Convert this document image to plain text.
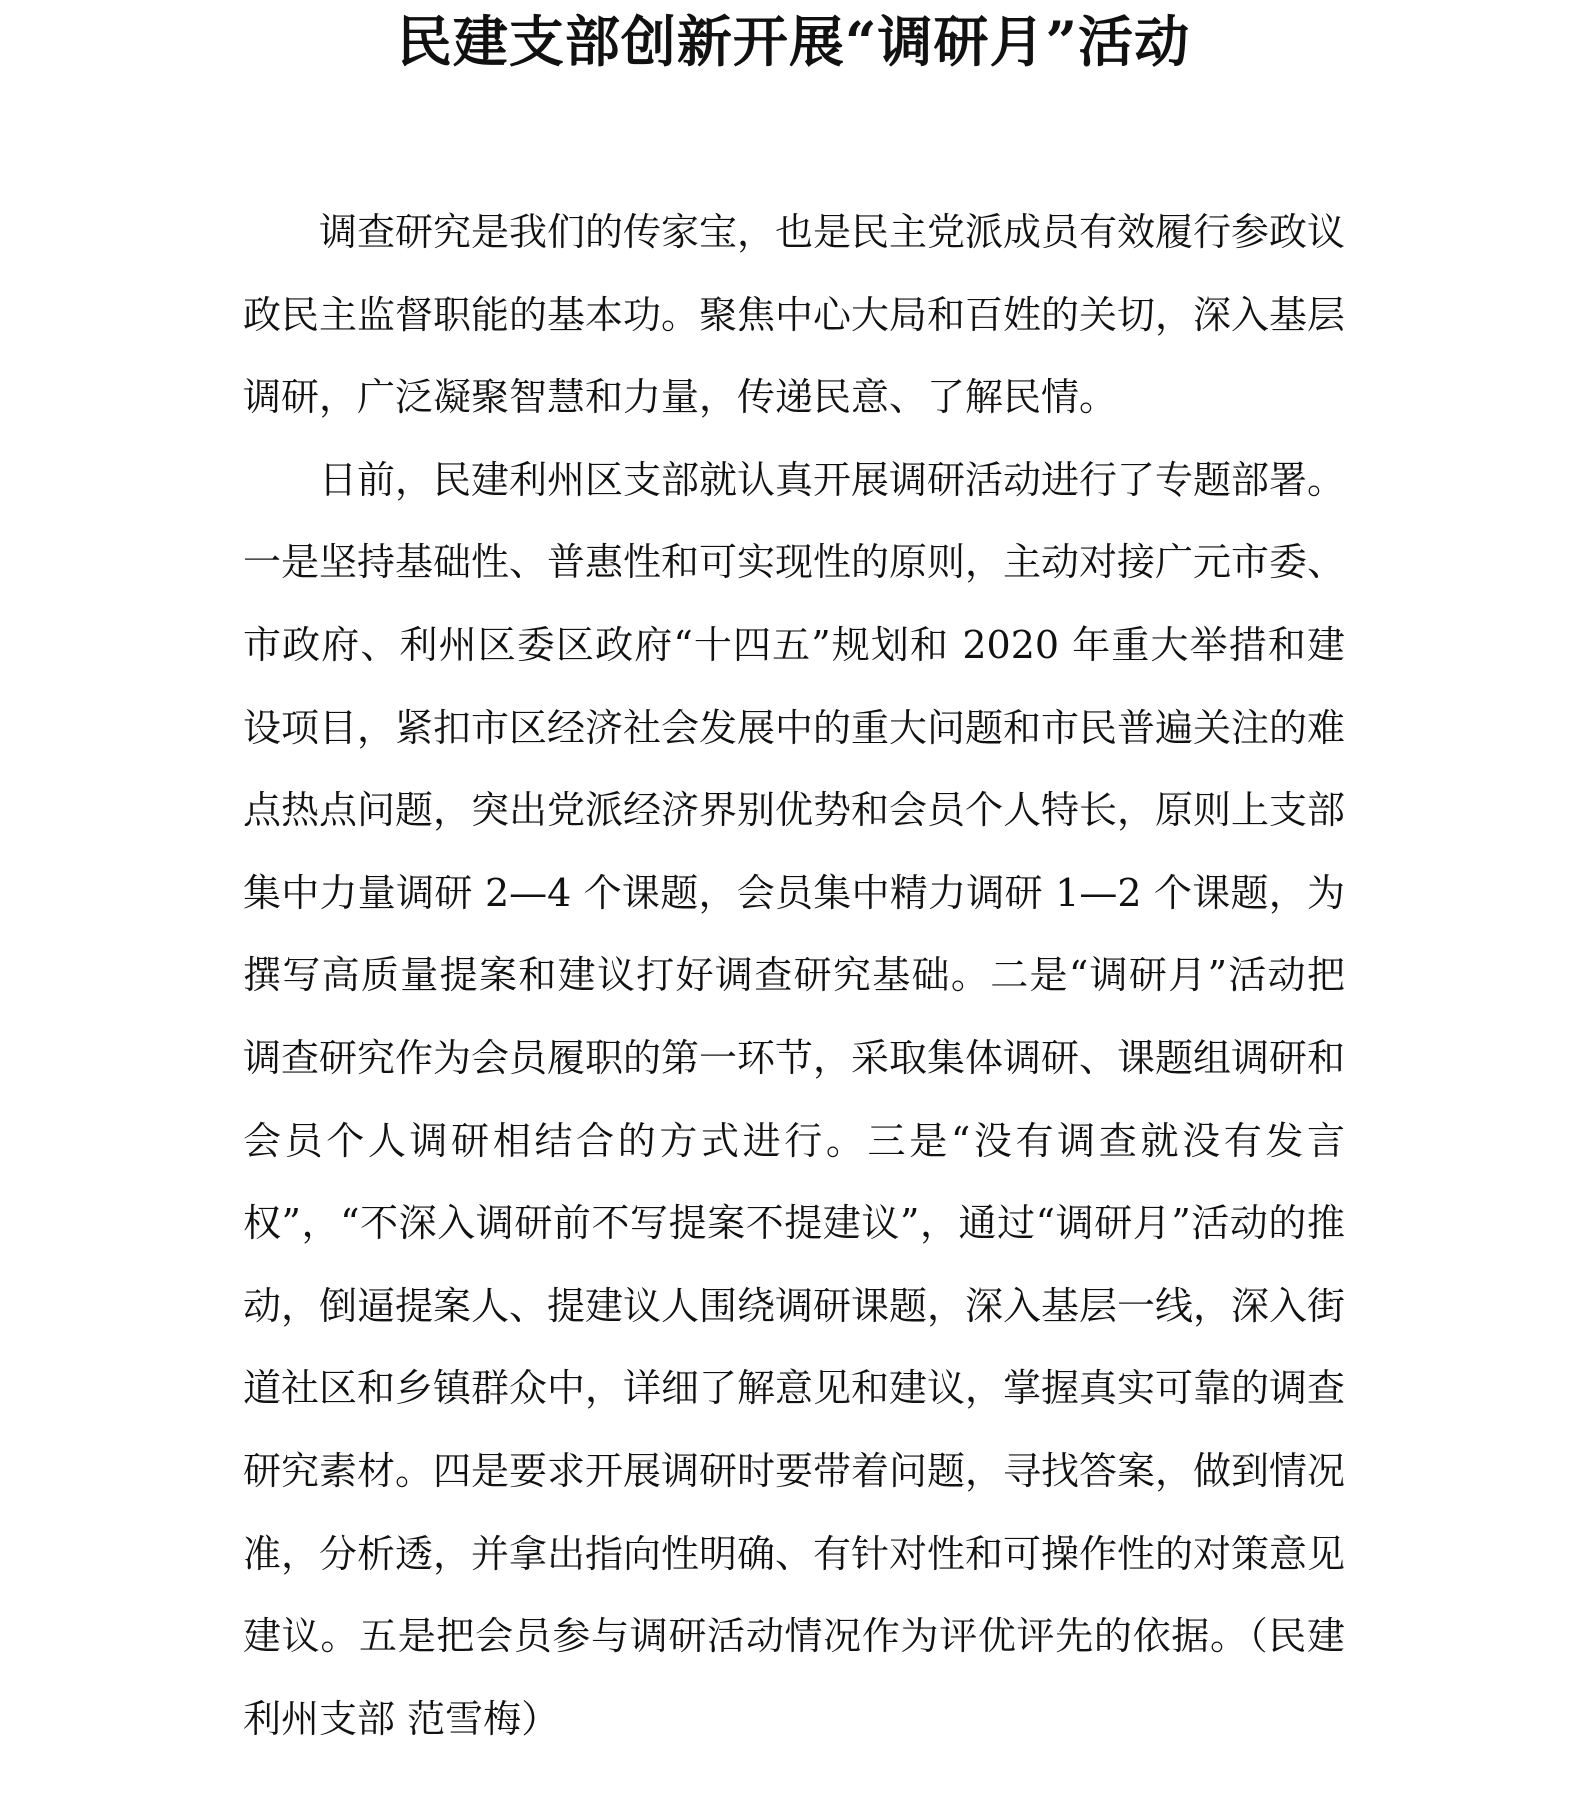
民建支部创新开展“调研月”活动

调查研究是我们的传家宝，也是民主党派成员有效履行参政议政民主监督职能的基本功。聚焦中心大局和百姓的关切，深入基层调研，广泛凝聚智慧和力量，传递民意、了解民情。

日前，民建利州区支部就认真开展调研活动进行了专题部署。一是坚持基础性、普惠性和可实现性的原则，主动对接广元市委、市政府、利州区委区政府“十四五”规划和 2020 年重大举措和建设项目，紧扣市区经济社会发展中的重大问题和市民普遍关注的难点热点问题，突出党派经济界别优势和会员个人特长，原则上支部集中力量调研 2—4 个课题，会员集中精力调研 1—2 个课题，为撰写高质量提案和建议打好调查研究基础。二是“调研月”活动把调查研究作为会员履职的第一环节，采取集体调研、课题组调研和会员个人调研相结合的方式进行。三是“没有调查就没有发言权”，“不深入调研前不写提案不提建议”，通过“调研月”活动的推动，倒逼提案人、提建议人围绕调研课题，深入基层一线，深入街道社区和乡镇群众中，详细了解意见和建议，掌握真实可靠的调查研究素材。四是要求开展调研时要带着问题，寻找答案，做到情况准，分析透，并拿出指向性明确、有针对性和可操作性的对策意见建议。五是把会员参与调研活动情况作为评优评先的依据。（民建利州支部 范雪梅）
